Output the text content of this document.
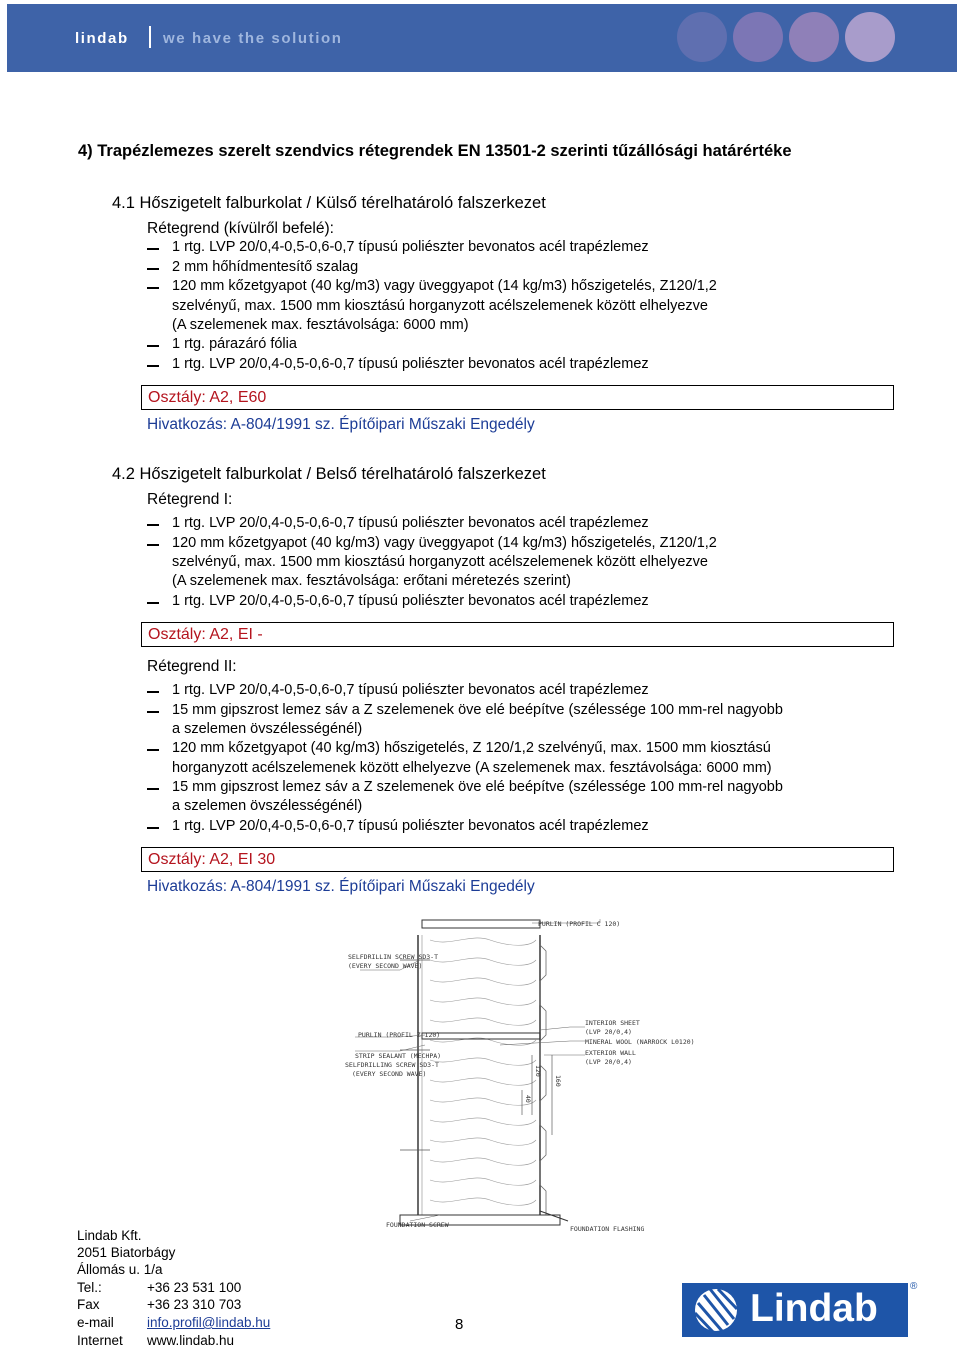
lindab we have the solution
4) Trapézlemezes szerelt szendvics rétegrendek EN 13501-2 szerinti tűzállósági határértéke
4.1 Hőszigetelt falburkolat / Külső térelhatároló falszerkezet
Rétegrend (kívülről befelé):
1 rtg. LVP 20/0,4-0,5-0,6-0,7 típusú poliészter bevonatos acél trapézlemez
2 mm hőhídmentesítő szalag
120 mm kőzetgyapot (40 kg/m3) vagy üveggyapot (14 kg/m3) hőszigetelés, Z120/1,2
szelvényű, max. 1500 mm kiosztású horganyzott acélszelemenek között elhelyezve
(A szelemenek max. fesztávolsága: 6000 mm)
1 rtg. párazáró fólia
1 rtg. LVP 20/0,4-0,5-0,6-0,7 típusú poliészter bevonatos acél trapézlemez
Osztály: A2, E60
Hivatkozás: A-804/1991 sz. Építőipari Műszaki Engedély
4.2 Hőszigetelt falburkolat / Belső térelhatároló falszerkezet
Rétegrend I:
1 rtg. LVP 20/0,4-0,5-0,6-0,7 típusú poliészter bevonatos acél trapézlemez
120 mm kőzetgyapot (40 kg/m3) vagy üveggyapot (14 kg/m3) hőszigetelés, Z120/1,2
szelvényű, max. 1500 mm kiosztású horganyzott acélszelemenek között elhelyezve
(A szelemenek max. fesztávolsága: erőtani méretezés szerint)
1 rtg. LVP 20/0,4-0,5-0,6-0,7 típusú poliészter bevonatos acél trapézlemez
Osztály: A2, EI -
Rétegrend II:
1 rtg. LVP 20/0,4-0,5-0,6-0,7 típusú poliészter bevonatos acél trapézlemez
15 mm gipszrost lemez sáv a Z szelemenek öve elé beépítve (szélessége 100 mm-rel nagyobb
a szelemen övszélességénél)
120 mm kőzetgyapot (40 kg/m3) hőszigetelés, Z 120/1,2 szelvényű, max. 1500 mm kiosztású
horganyzott acélszelemenek között elhelyezve (A szelemenek max. fesztávolsága: 6000 mm)
15 mm gipszrost lemez sáv a Z szelemenek öve elé beépítve (szélessége 100 mm-rel nagyobb
a szelemen övszélességénél)
1 rtg. LVP 20/0,4-0,5-0,6-0,7 típusú poliészter bevonatos acél trapézlemez
Osztály: A2, EI 30
Hivatkozás: A-804/1991 sz. Építőipari Műszaki Engedély
PURLIN (PROFIL C 120)
SELFDRILLIN SCREW SD3-T
(EVERY SECOND WAVE)
PURLIN (PROFIL Z 120)
STRIP SEALANT (MECHPA)
SELFDRILLING SCREW SD3-T
(EVERY SECOND WAVE)
INTERIOR SHEET
(LVP 20/0,4)
MINERAL WOOL (NARROCK L0120)
EXTERIOR WALL
(LVP 20/0,4)
FOUNDATION SCREW	FOUNDATION FLASHING
120
160
40
Lindab Kft.
2051 Biatorbágy
Állomás u. 1/a
Tel.:	+36 23 531 100
Fax	+36 23 310 703
e-mail info.profil@lindab.hu
Internet www.lindab.hu
8	Lindab
®
